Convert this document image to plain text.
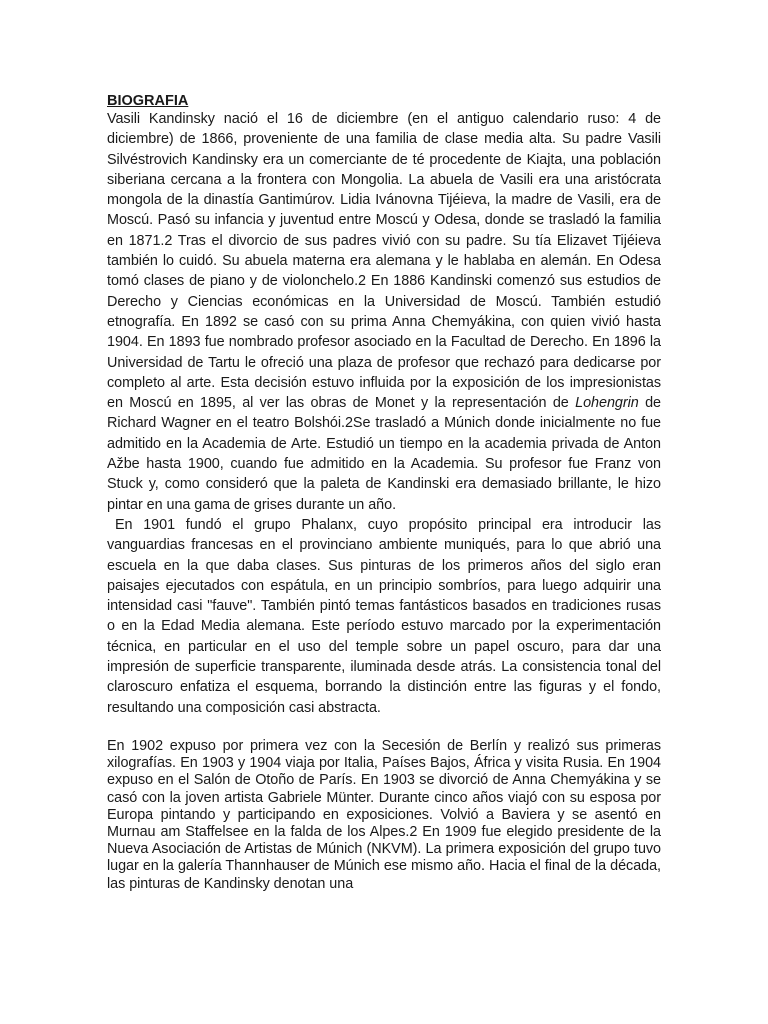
BIOGRAFIA

Vasili Kandinsky nació el 16 de diciembre (en el antiguo calendario ruso: 4 de diciembre) de 1866, proveniente de una familia de clase media alta. Su padre Vasili Silvéstrovich Kandinsky era un comerciante de té procedente de Kiajta, una población siberiana cercana a la frontera con Mongolia. La abuela de Vasili era una aristócrata mongola de la dinastía Gantimúrov. Lidia Ivánovna Tijéieva, la madre de Vasili, era de Moscú. Pasó su infancia y juventud entre Moscú y Odesa, donde se trasladó la familia en 1871.2 Tras el divorcio de sus padres vivió con su padre. Su tía Elizavet Tijéieva también lo cuidó. Su abuela materna era alemana y le hablaba en alemán. En Odesa tomó clases de piano y de violonchelo.2 En 1886 Kandinski comenzó sus estudios de Derecho y Ciencias económicas en la Universidad de Moscú. También estudió etnografía. En 1892 se casó con su prima Anna Chemyákina, con quien vivió hasta 1904. En 1893 fue nombrado profesor asociado en la Facultad de Derecho. En 1896 la Universidad de Tartu le ofreció una plaza de profesor que rechazó para dedicarse por completo al arte. Esta decisión estuvo influida por la exposición de los impresionistas en Moscú en 1895, al ver las obras de Monet y la representación de Lohengrin de Richard Wagner en el teatro Bolshói.2Se trasladó a Múnich donde inicialmente no fue admitido en la Academia de Arte. Estudió un tiempo en la academia privada de Anton Ažbe hasta 1900, cuando fue admitido en la Academia. Su profesor fue Franz von Stuck y, como consideró que la paleta de Kandinski era demasiado brillante, le hizo pintar en una gama de grises durante un año.

En 1901 fundó el grupo Phalanx, cuyo propósito principal era introducir las vanguardias francesas en el provinciano ambiente muniqués, para lo que abrió una escuela en la que daba clases. Sus pinturas de los primeros años del siglo eran paisajes ejecutados con espátula, en un principio sombríos, para luego adquirir una intensidad casi "fauve". También pintó temas fantásticos basados en tradiciones rusas o en la Edad Media alemana. Este período estuvo marcado por la experimentación técnica, en particular en el uso del temple sobre un papel oscuro, para dar una impresión de superficie transparente, iluminada desde atrás. La consistencia tonal del claroscuro enfatiza el esquema, borrando la distinción entre las figuras y el fondo, resultando una composición casi abstracta.

En 1902 expuso por primera vez con la Secesión de Berlín y realizó sus primeras xilografías. En 1903 y 1904 viaja por Italia, Países Bajos, África y visita Rusia. En 1904 expuso en el Salón de Otoño de París. En 1903 se divorció de Anna Chemyákina y se casó con la joven artista Gabriele Münter. Durante cinco años viajó con su esposa por Europa pintando y participando en exposiciones. Volvió a Baviera y se asentó en Murnau am Staffelsee en la falda de los Alpes.2 En 1909 fue elegido presidente de la Nueva Asociación de Artistas de Múnich (NKVM). La primera exposición del grupo tuvo lugar en la galería Thannhauser de Múnich ese mismo año. Hacia el final de la década, las pinturas de Kandinsky denotan una
